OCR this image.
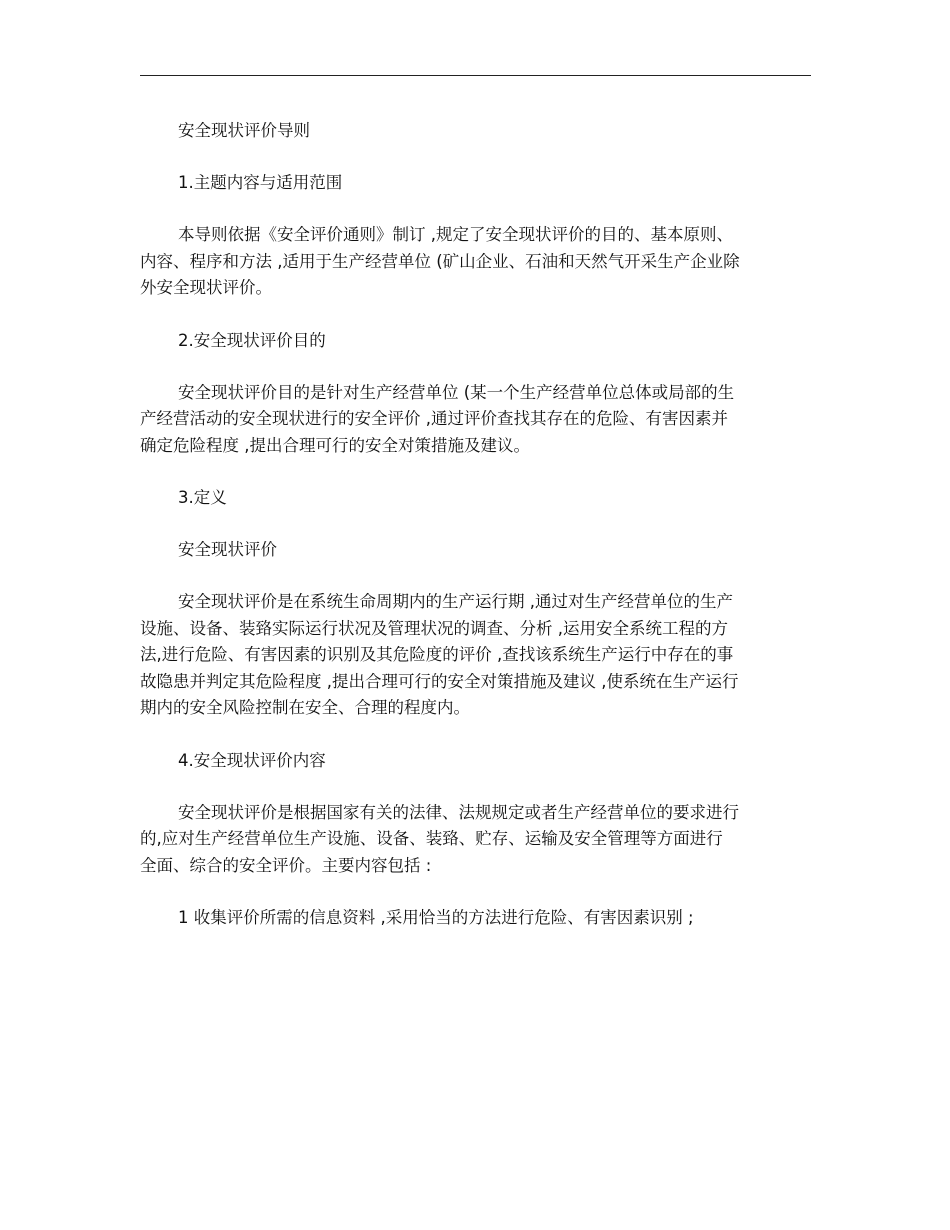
安全现状评价导则

1.主题内容与适用范围

本导则依据《安全评价通则》制订 ,规定了安全现状评价的目的、基本原则、
内容、程序和方法 ,适用于生产经营单位 (矿山企业、石油和天然气开采生产企业除
外安全现状评价。

2.安全现状评价目的

安全现状评价目的是针对生产经营单位 (某一个生产经营单位总体或局部的生
产经营活动的安全现状进行的安全评价 ,通过评价查找其存在的危险、有害因素并
确定危险程度 ,提出合理可行的安全对策措施及建议。

3.定义

安全现状评价

安全现状评价是在系统生命周期内的生产运行期 ,通过对生产经营单位的生产
设施、设备、装臵实际运行状况及管理状况的调查、分析 ,运用安全系统工程的方
法,进行危险、有害因素的识别及其危险度的评价 ,查找该系统生产运行中存在的事
故隐患并判定其危险程度 ,提出合理可行的安全对策措施及建议 ,使系统在生产运行
期内的安全风险控制在安全、合理的程度内。

4.安全现状评价内容

安全现状评价是根据国家有关的法律、法规规定或者生产经营单位的要求进行
的,应对生产经营单位生产设施、设备、装臵、贮存、运输及安全管理等方面进行
全面、综合的安全评价。主要内容包括 :

1 收集评价所需的信息资料 ,采用恰当的方法进行危险、有害因素识别 ;
